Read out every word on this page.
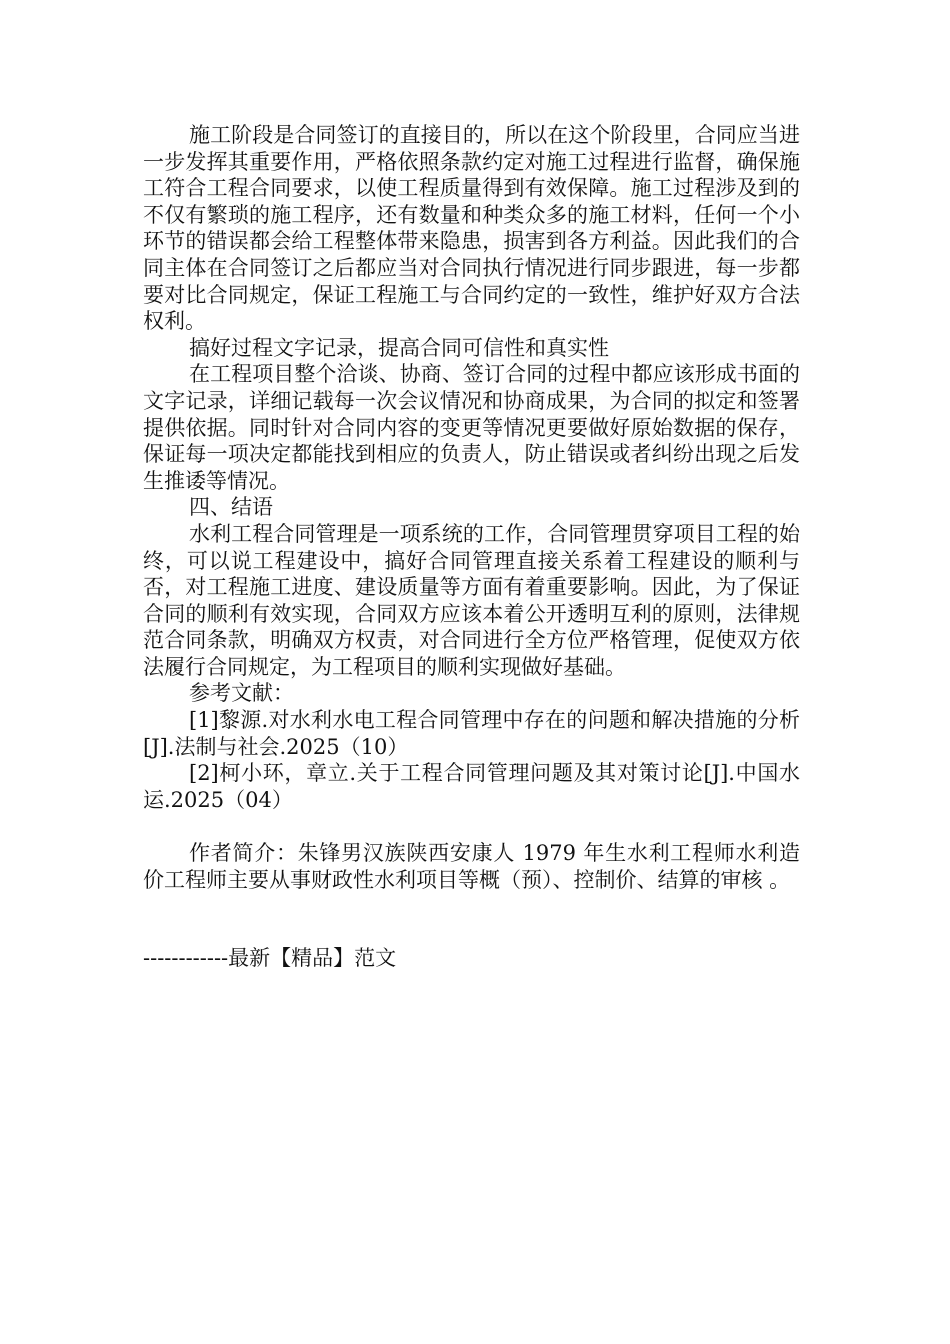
施工阶段是合同签订的直接目的，所以在这个阶段里，合同应当进一步发挥其重要作用，严格依照条款约定对施工过程进行监督，确保施工符合工程合同要求，以使工程质量得到有效保障。施工过程涉及到的不仅有繁琐的施工程序，还有数量和种类众多的施工材料，任何一个小环节的错误都会给工程整体带来隐患，损害到各方利益。因此我们的合同主体在合同签订之后都应当对合同执行情况进行同步跟进，每一步都要对比合同规定，保证工程施工与合同约定的一致性，维护好双方合法权利。

搞好过程文字记录，提高合同可信性和真实性

在工程项目整个洽谈、协商、签订合同的过程中都应该形成书面的文字记录，详细记载每一次会议情况和协商成果，为合同的拟定和签署提供依据。同时针对合同内容的变更等情况更要做好原始数据的保存，保证每一项决定都能找到相应的负责人，防止错误或者纠纷出现之后发生推诿等情况。

四、结语

水利工程合同管理是一项系统的工作，合同管理贯穿项目工程的始终，可以说工程建设中，搞好合同管理直接关系着工程建设的顺利与否，对工程施工进度、建设质量等方面有着重要影响。因此，为了保证合同的顺利有效实现，合同双方应该本着公开透明互利的原则，法律规范合同条款，明确双方权责，对合同进行全方位严格管理，促使双方依法履行合同规定，为工程项目的顺利实现做好基础。

参考文献：

[1]黎源.对水利水电工程合同管理中存在的问题和解决措施的分析[J].法制与社会.2025（10）

[2]柯小环，章立.关于工程合同管理问题及其对策讨论[J].中国水运.2025（04）

作者简介：朱锋男汉族陕西安康人 1979 年生水利工程师水利造价工程师主要从事财政性水利项目等概（预）、控制价、结算的审核 。

------------最新【精品】范文
